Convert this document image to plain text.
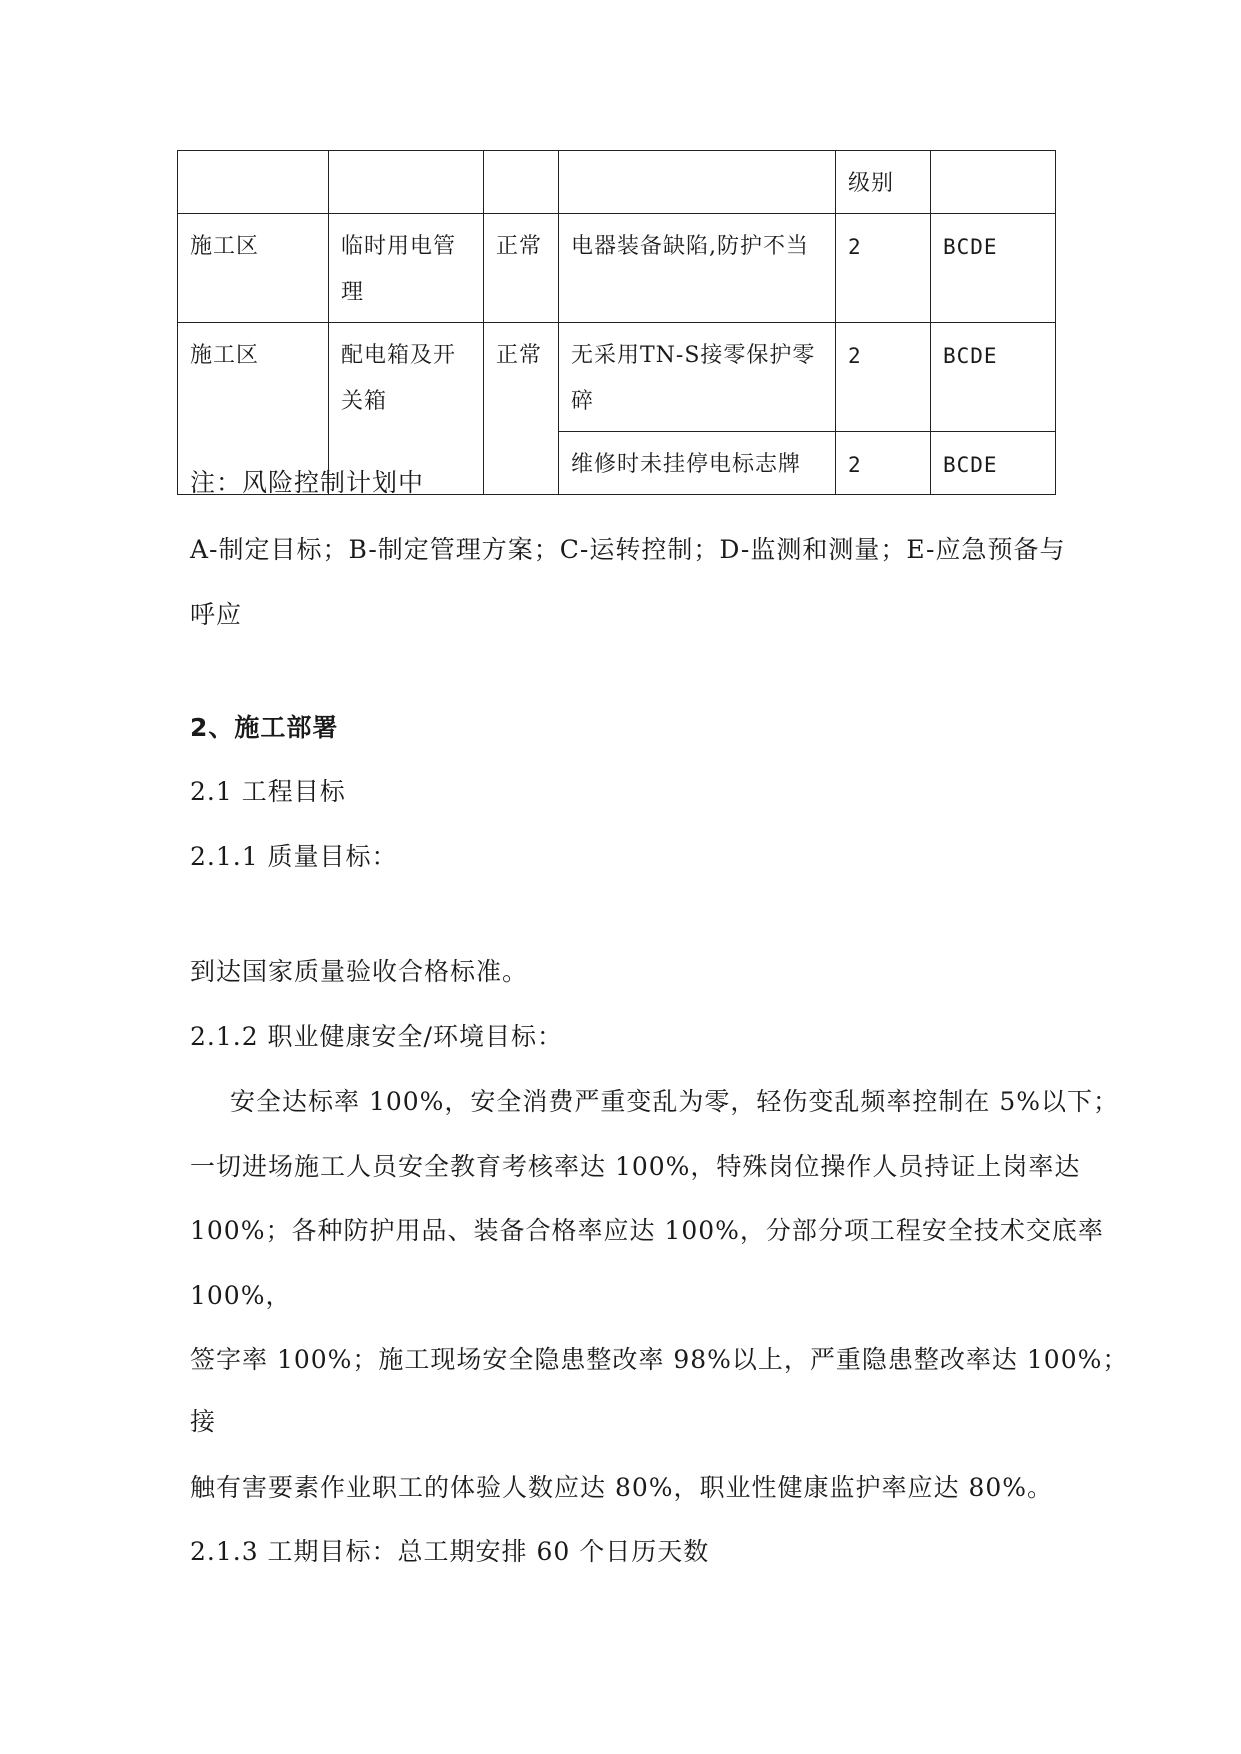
				级别	
施工区	临时用电管理	正常	电器装备缺陷,防护不当	2	BCDE
施工区	配电箱及开关箱	正常	无采用TN-S接零保护零碎	2	BCDE
			维修时未挂停电标志牌	2	BCDE
注：风险控制计划中
A-制定目标；B-制定管理方案；C-运转控制；D-监测和测量；E-应急预备与
呼应
2、施工部署
2.1 工程目标
2.1.1 质量目标：
到达国家质量验收合格标准。
2.1.2 职业健康安全/环境目标：
安全达标率 100%，安全消费严重变乱为零，轻伤变乱频率控制在 5%以下；
一切进场施工人员安全教育考核率达 100%，特殊岗位操作人员持证上岗率达
100%；各种防护用品、装备合格率应达 100%，分部分项工程安全技术交底率
100%，
签字率 100%；施工现场安全隐患整改率 98%以上，严重隐患整改率达 100%；
接
触有害要素作业职工的体验人数应达 80%，职业性健康监护率应达 80%。
2.1.3 工期目标：总工期安排 60 个日历天数
